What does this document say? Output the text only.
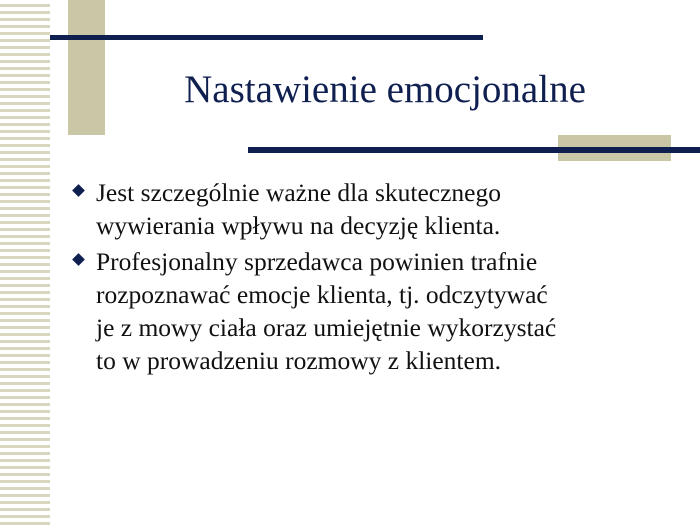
Nastawienie emocjonalne
Jest szczególnie ważne dla skutecznego
wywierania wpływu na decyzję klienta.
Profesjonalny sprzedawca powinien trafnie
rozpoznawać emocje klienta, tj. odczytywać
je z mowy ciała oraz umiejętnie wykorzystać
to w prowadzeniu rozmowy z klientem.
